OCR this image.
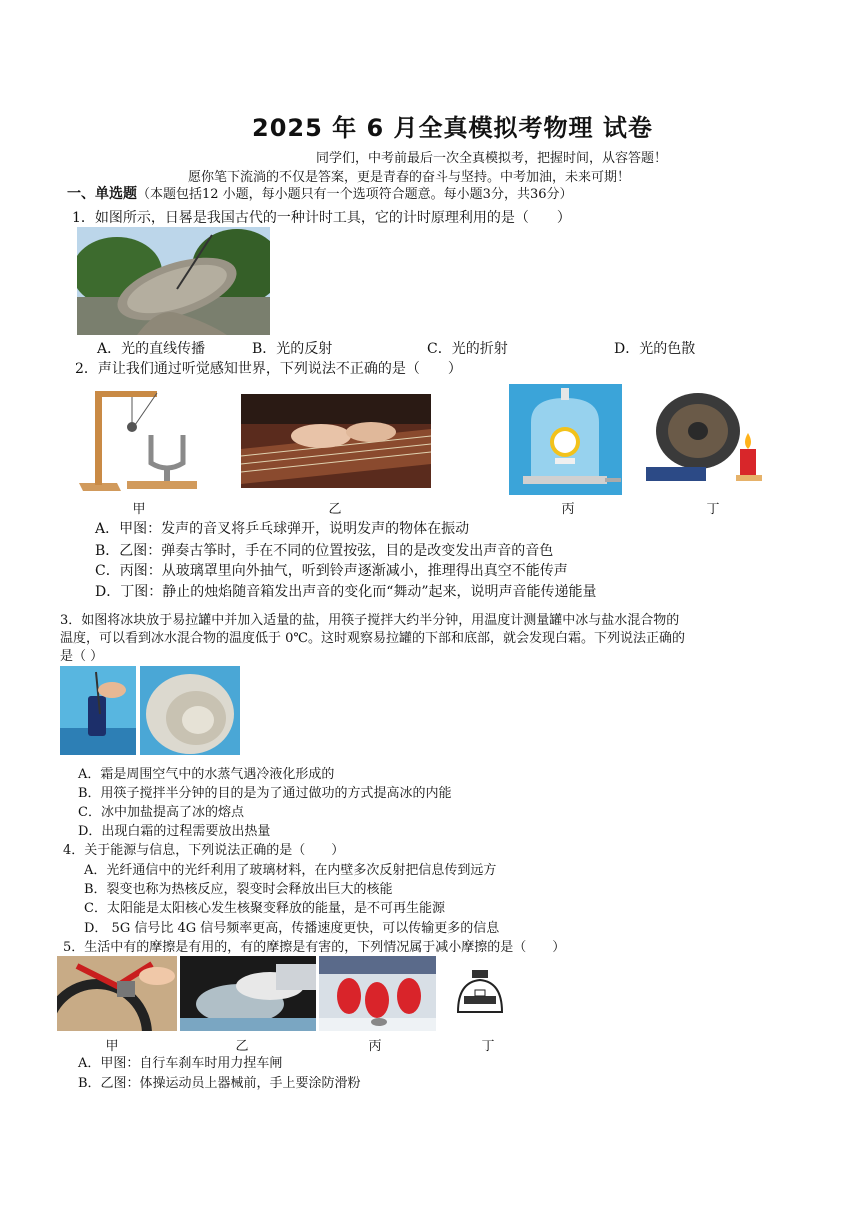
2025 年 6 月全真模拟考物理 试卷
同学们，中考前最后一次全真模拟考，把握时间，从容答题！
愿你笔下流淌的不仅是答案，更是青春的奋斗与坚持。中考加油，未来可期！
一、单选题（本题包括12 小题，每小题只有一个选项符合题意。每小题3分，共36分）
1．如图所示，日晷是我国古代的一种计时工具，它的计时原理利用的是（　　）
A．光的直线传播	B．光的反射	C．光的折射	D．光的色散
2．声让我们通过听觉感知世界，下列说法不正确的是（　　）
甲	乙	丙	丁
A．甲图：发声的音叉将乒乓球弹开，说明发声的物体在振动
B．乙图：弹奏古筝时，手在不同的位置按弦，目的是改变发出声音的音色
C．丙图：从玻璃罩里向外抽气，听到铃声逐渐减小，推理得出真空不能传声
D．丁图：静止的烛焰随音箱发出声音的变化而“舞动”起来，说明声音能传递能量
3．如图将冰块放于易拉罐中并加入适量的盐，用筷子搅拌大约半分钟，用温度计测量罐中冰与盐水混合物的
温度，可以看到冰水混合物的温度低于 0℃。这时观察易拉罐的下部和底部，就会发现白霜。下列说法正确的
是（ ）
A．霜是周围空气中的水蒸气遇冷液化形成的
B．用筷子搅拌半分钟的目的是为了通过做功的方式提高冰的内能
C．冰中加盐提高了冰的熔点
D．出现白霜的过程需要放出热量
4．关于能源与信息，下列说法正确的是（　　）
A．光纤通信中的光纤利用了玻璃材料，在内壁多次反射把信息传到远方
B．裂变也称为热核反应，裂变时会释放出巨大的核能
C．太阳能是太阳核心发生核聚变释放的能量，是不可再生能源
D． 5G 信号比 4G 信号频率更高，传播速度更快，可以传输更多的信息
5．生活中有的摩擦是有用的，有的摩擦是有害的，下列情况属于减小摩擦的是（　　）
甲	乙	丙	丁
A．甲图：自行车刹车时用力捏车闸
B．乙图：体操运动员上器械前，手上要涂防滑粉
